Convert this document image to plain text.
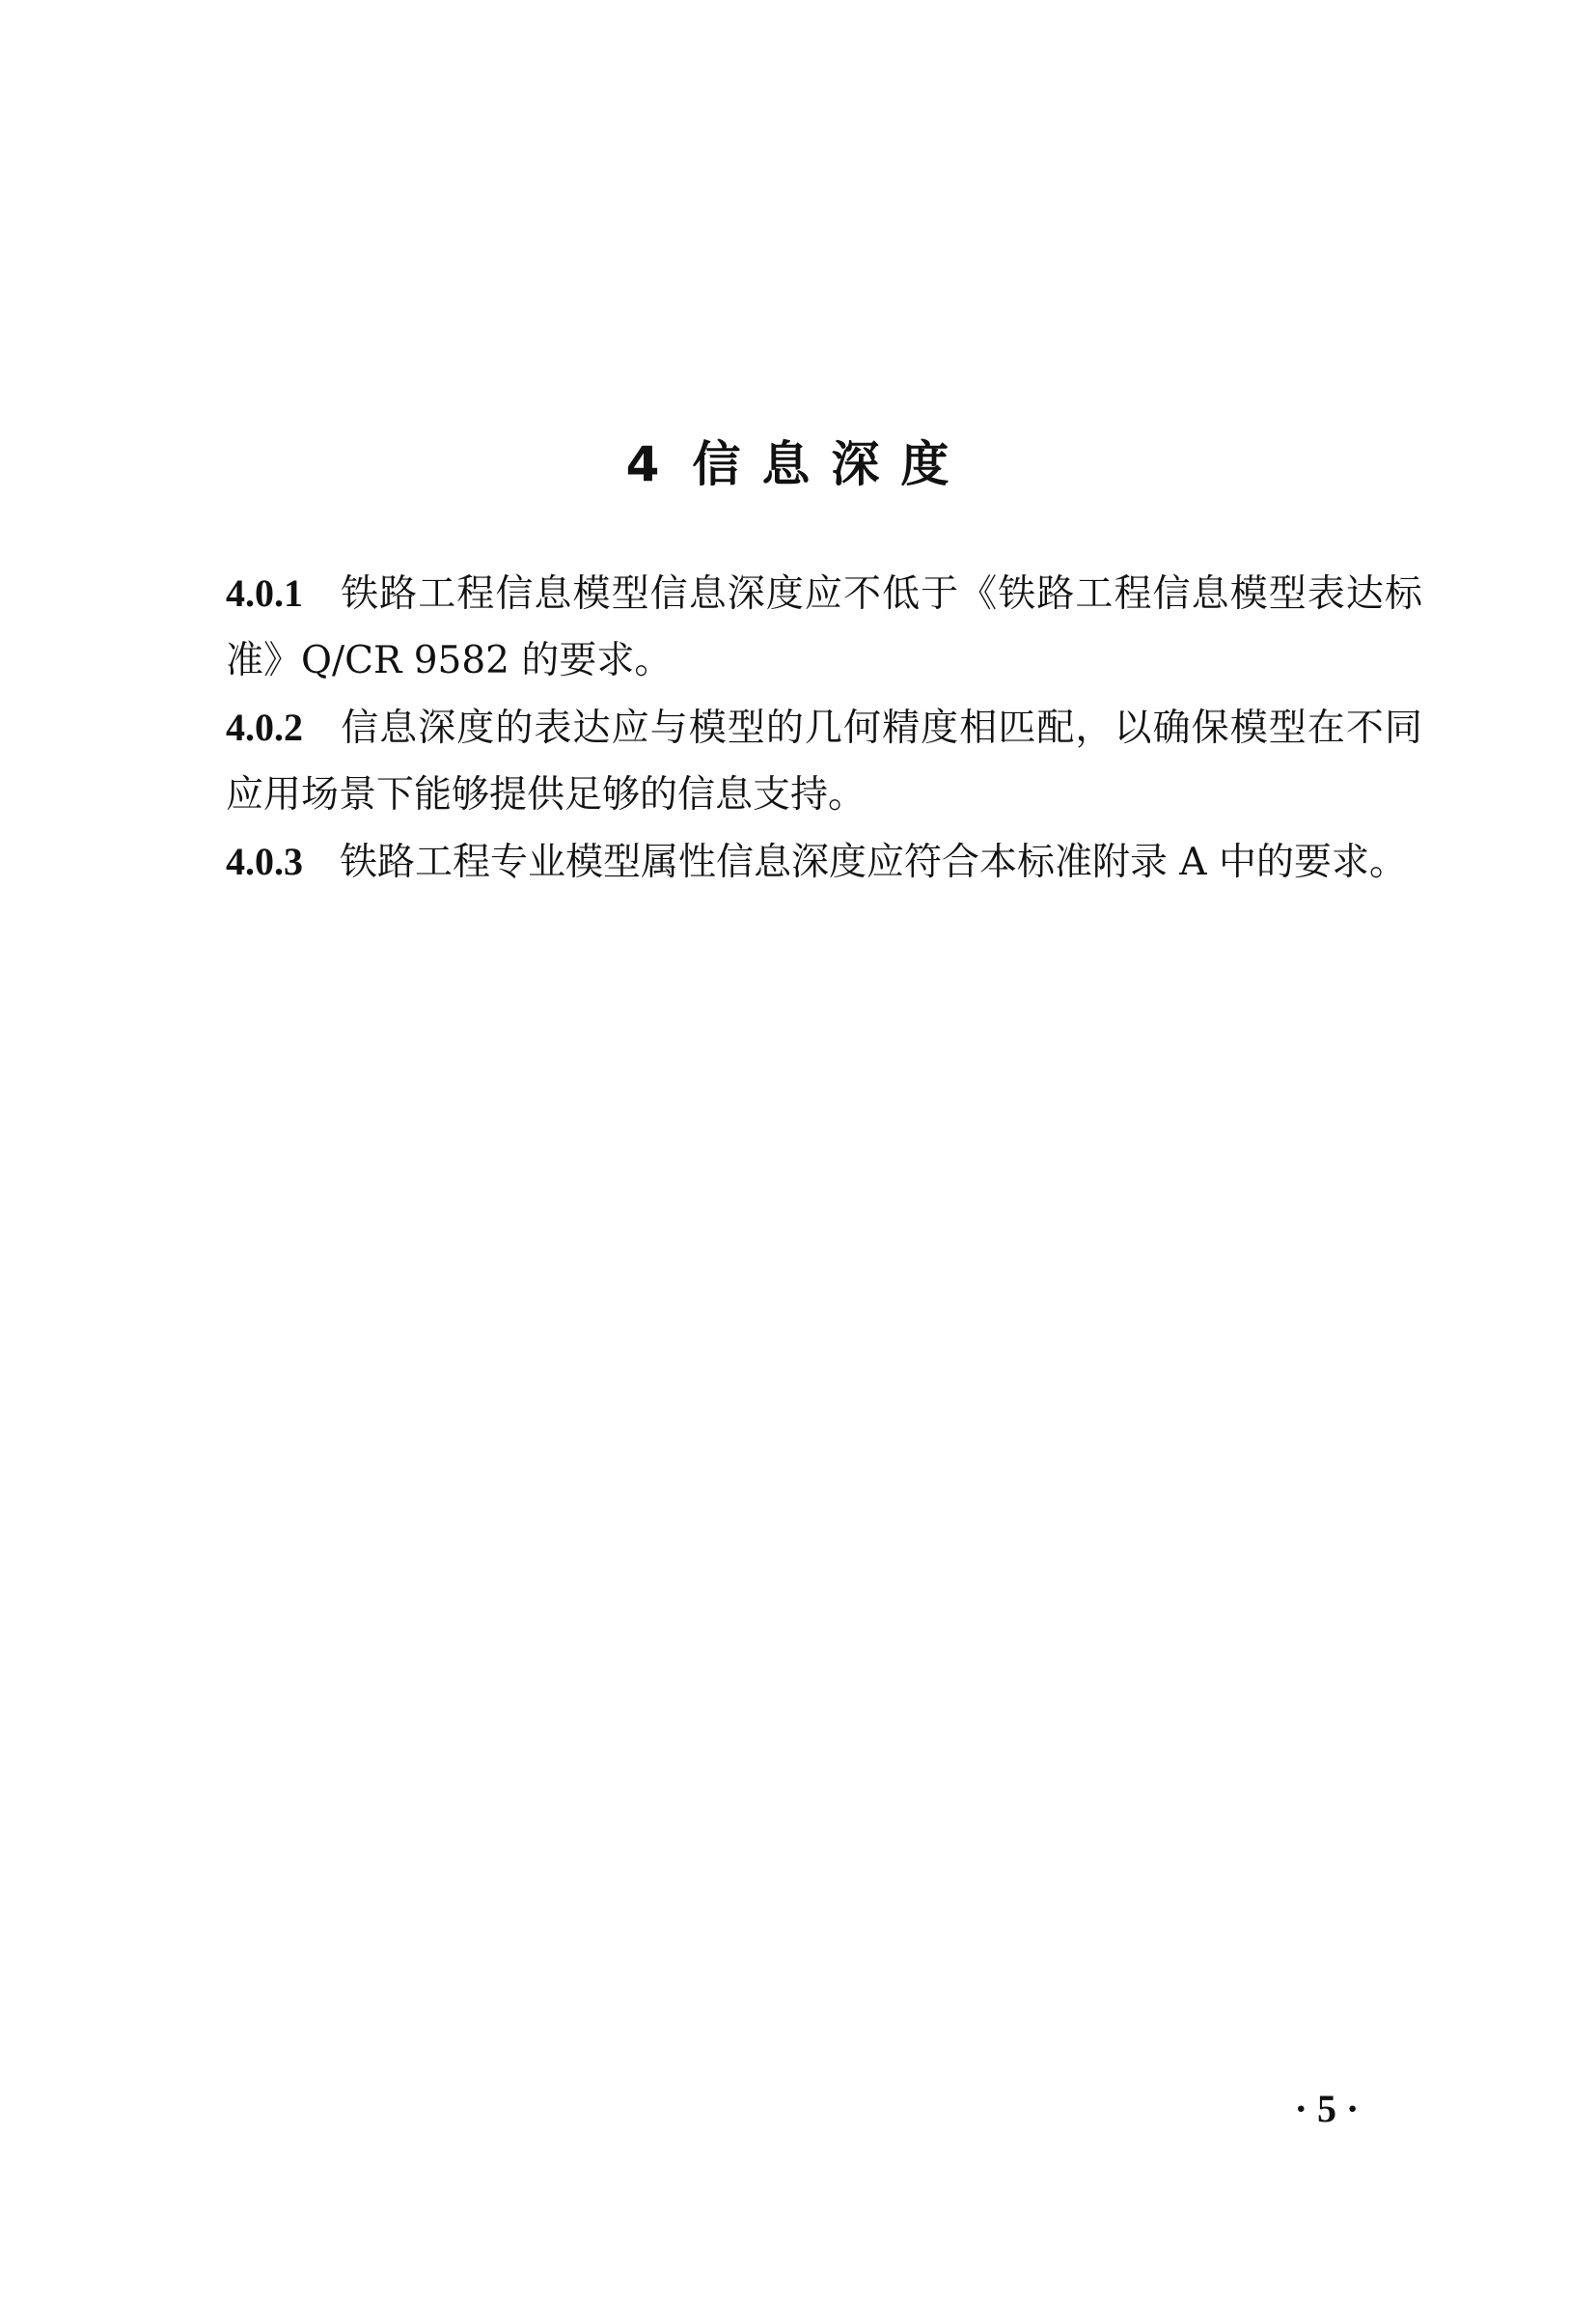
4 信息深度

4.0.1 铁路工程信息模型信息深度应不低于《铁路工程信息模型表达标准》Q/CR 9582 的要求。

4.0.2 信息深度的表达应与模型的几何精度相匹配，以确保模型在不同应用场景下能够提供足够的信息支持。

4.0.3 铁路工程专业模型属性信息深度应符合本标准附录 A 中的要求。

· 5 ·
